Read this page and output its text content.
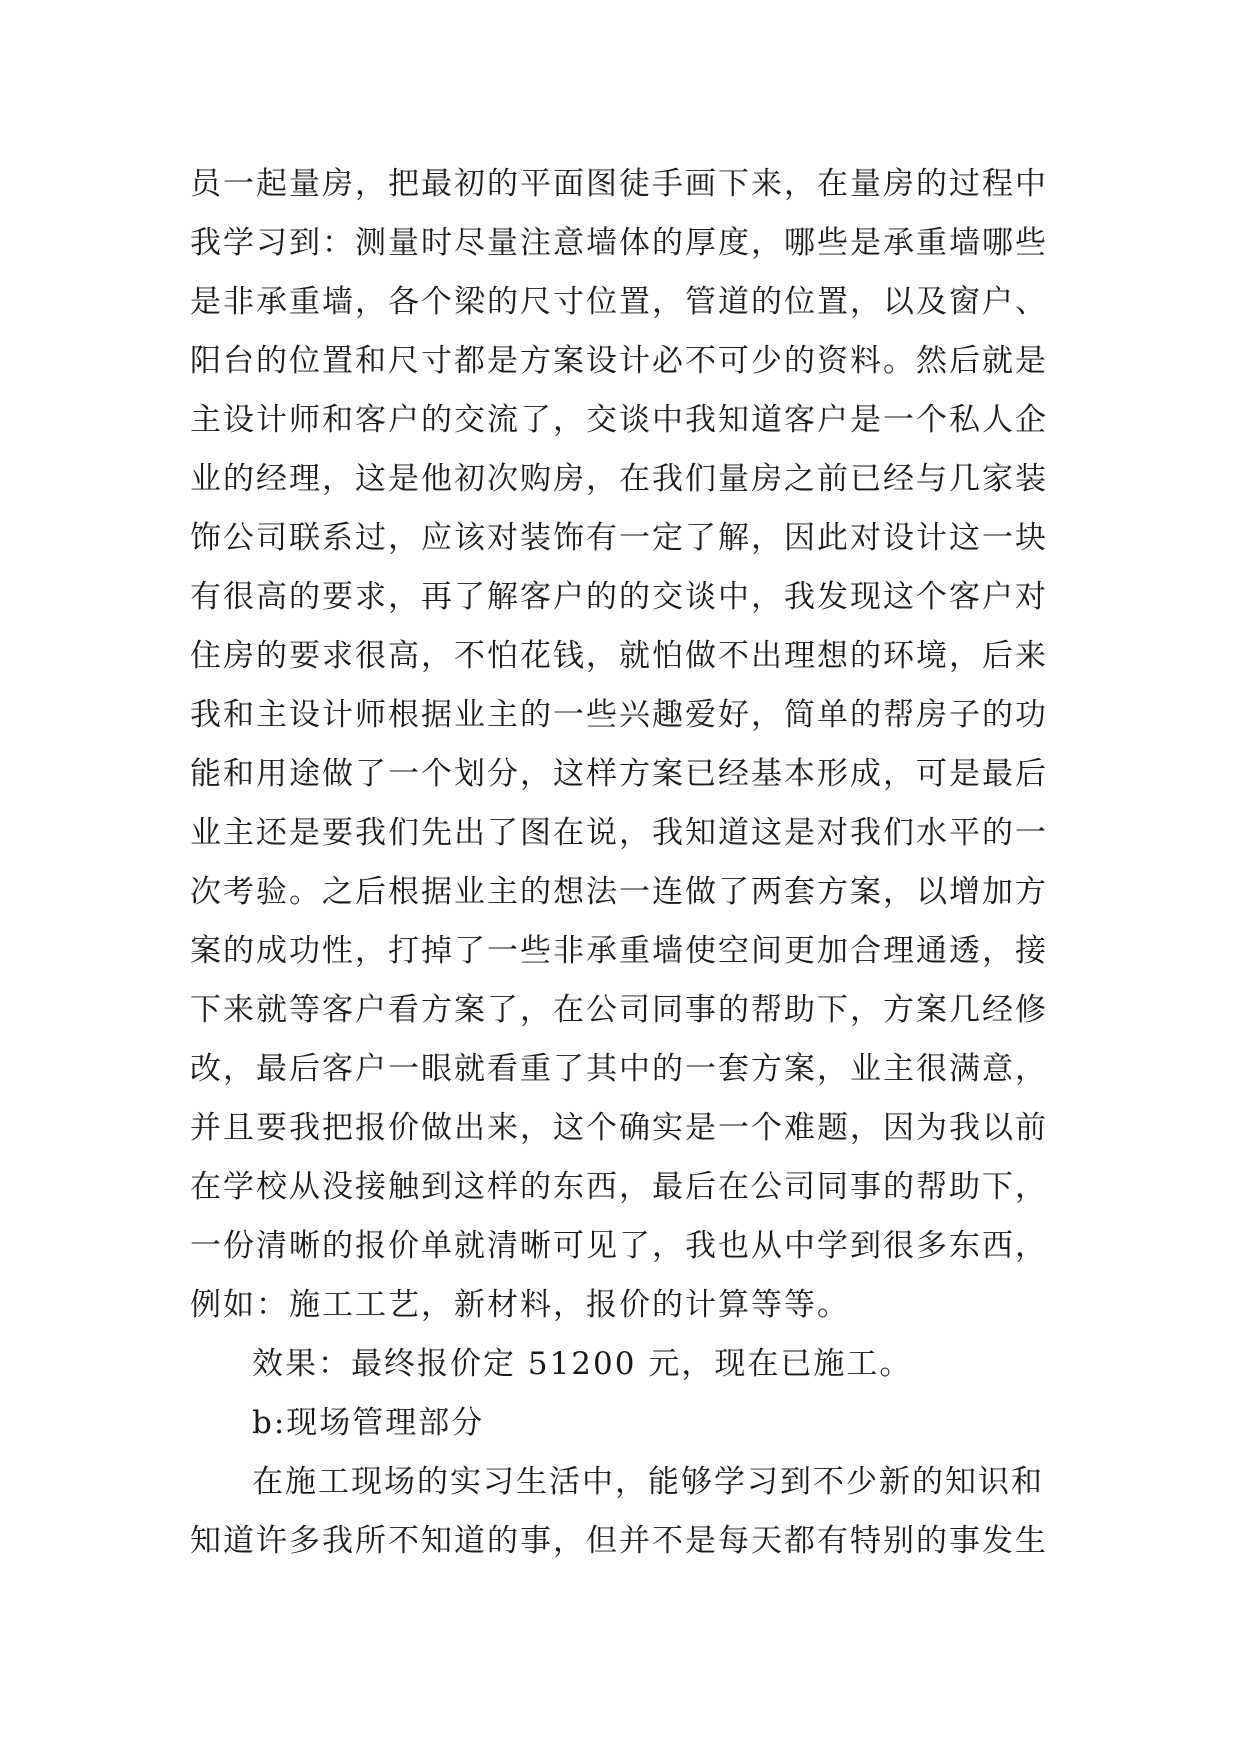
员一起量房，把最初的平面图徒手画下来，在量房的过程中
我学习到：测量时尽量注意墙体的厚度，哪些是承重墙哪些
是非承重墙，各个梁的尺寸位置，管道的位置，以及窗户、
阳台的位置和尺寸都是方案设计必不可少的资料。然后就是
主设计师和客户的交流了，交谈中我知道客户是一个私人企
业的经理，这是他初次购房，在我们量房之前已经与几家装
饰公司联系过，应该对装饰有一定了解，因此对设计这一块
有很高的要求，再了解客户的的交谈中，我发现这个客户对
住房的要求很高，不怕花钱，就怕做不出理想的环境，后来
我和主设计师根据业主的一些兴趣爱好，简单的帮房子的功
能和用途做了一个划分，这样方案已经基本形成，可是最后
业主还是要我们先出了图在说，我知道这是对我们水平的一
次考验。之后根据业主的想法一连做了两套方案，以增加方
案的成功性，打掉了一些非承重墙使空间更加合理通透，接
下来就等客户看方案了，在公司同事的帮助下，方案几经修
改，最后客户一眼就看重了其中的一套方案，业主很满意，
并且要我把报价做出来，这个确实是一个难题，因为我以前
在学校从没接触到这样的东西，最后在公司同事的帮助下，
一份清晰的报价单就清晰可见了，我也从中学到很多东西，
例如：施工工艺，新材料，报价的计算等等。
效果：最终报价定 51200 元，现在已施工。
b:现场管理部分
在施工现场的实习生活中，能够学习到不少新的知识和
知道许多我所不知道的事，但并不是每天都有特别的事发生
